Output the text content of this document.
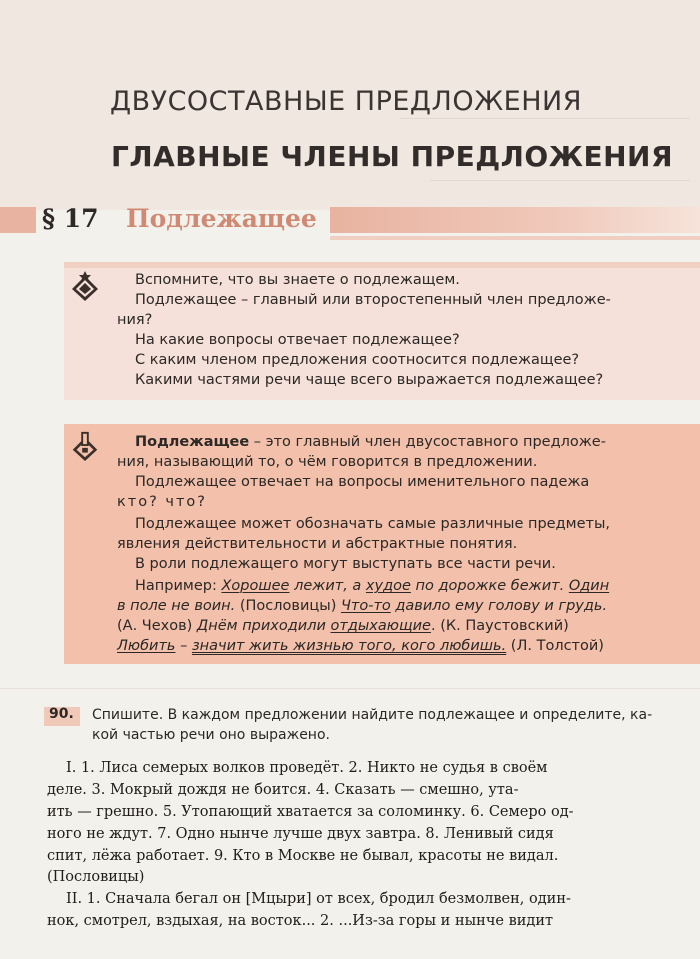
ДВУСОСТАВНЫЕ ПРЕДЛОЖЕНИЯ
ГЛАВНЫЕ ЧЛЕНЫ ПРЕДЛОЖЕНИЯ
§ 17 Подлежащее
Вспомните, что вы знаете о подлежащем.
Подлежащее – главный или второстепенный член предложе-
ния?
На какие вопросы отвечает подлежащее?
С каким членом предложения соотносится подлежащее?
Какими частями речи чаще всего выражается подлежащее?
Подлежащее – это главный член двусоставного предложе-
ния, называющий то, о чём говорится в предложении.
Подлежащее отвечает на вопросы именительного падежа
кто? что?
Подлежащее может обозначать самые различные предметы,
явления действительности и абстрактные понятия.
В роли подлежащего могут выступать все части речи.
Например: Хорошее лежит, а худое по дорожке бежит. Один
в поле не воин. (Пословицы) Что-то давило ему голову и грудь.
(А. Чехов) Днём приходили отдыхающие. (К. Паустовский)
Любить – значит жить жизнью того, кого любишь. (Л. Толстой)
90. Спишите. В каждом предложении найдите подлежащее и определите, ка-
кой частью речи оно выражено.
I. 1. Лиса семерых волков проведёт. 2. Никто не судья в своём
деле. 3. Мокрый дождя не боится. 4. Сказать — смешно, ута-
ить — грешно. 5. Утопающий хватается за соломинку. 6. Семеро од-
ного не ждут. 7. Одно нынче лучше двух завтра. 8. Ленивый сидя
спит, лёжа работает. 9. Кто в Москве не бывал, красоты не видал.
(Пословицы)
II. 1. Сначала бегал он [Мцыри] от всех, бродил безмолвен, один-
нок, смотрел, вздыхая, на восток... 2. ...Из-за горы и нынче видит
